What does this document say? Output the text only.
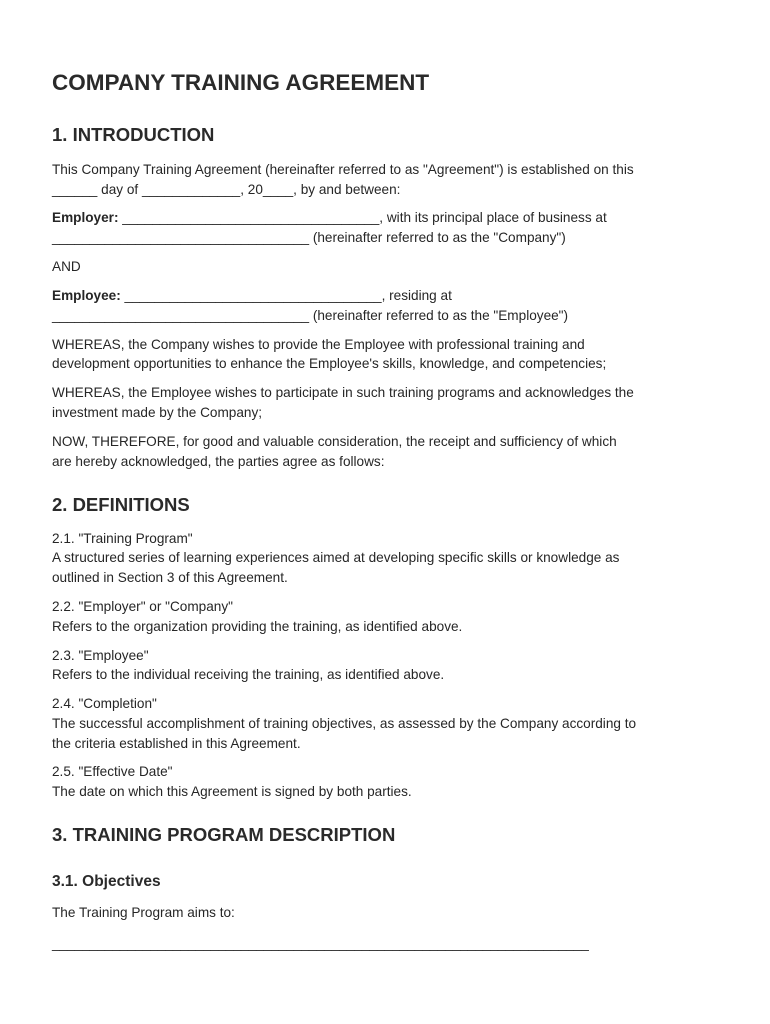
COMPANY TRAINING AGREEMENT
1. INTRODUCTION
This Company Training Agreement (hereinafter referred to as "Agreement") is established on this
______ day of _____________, 20____, by and between:
Employer: __________________________________, with its principal place of business at
__________________________________ (hereinafter referred to as the "Company")
AND
Employee: __________________________________, residing at
__________________________________ (hereinafter referred to as the "Employee")
WHEREAS, the Company wishes to provide the Employee with professional training and
development opportunities to enhance the Employee's skills, knowledge, and competencies;
WHEREAS, the Employee wishes to participate in such training programs and acknowledges the
investment made by the Company;
NOW, THEREFORE, for good and valuable consideration, the receipt and sufficiency of which
are hereby acknowledged, the parties agree as follows:
2. DEFINITIONS
2.1. "Training Program"
A structured series of learning experiences aimed at developing specific skills or knowledge as
outlined in Section 3 of this Agreement.
2.2. "Employer" or "Company"
Refers to the organization providing the training, as identified above.
2.3. "Employee"
Refers to the individual receiving the training, as identified above.
2.4. "Completion"
The successful accomplishment of training objectives, as assessed by the Company according to
the criteria established in this Agreement.
2.5. "Effective Date"
The date on which this Agreement is signed by both parties.
3. TRAINING PROGRAM DESCRIPTION
3.1. Objectives
The Training Program aims to:
_______________________________________________________________________
